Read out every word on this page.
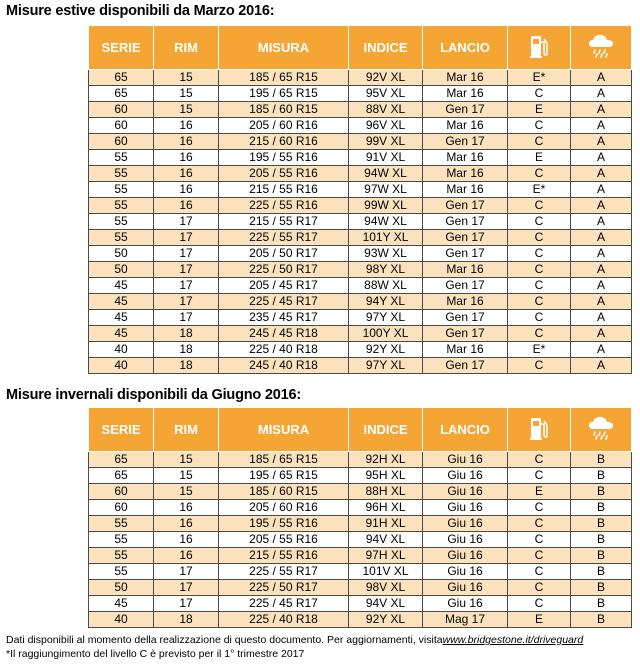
Misure estive disponibili da Marzo 2016:
SERIE	RIM	MISURA	INDICE	LANCIO		
65	15	185 / 65 R15	92V XL	Mar 16	E*	A
65	15	195 / 65 R15	95V XL	Mar 16	C	A
60	15	185 / 60 R15	88V XL	Gen 17	E	A
60	16	205 / 60 R16	96V XL	Mar 16	C	A
60	16	215 / 60 R16	99V XL	Gen 17	C	A
55	16	195 / 55 R16	91V XL	Mar 16	E	A
55	16	205 / 55 R16	94W XL	Mar 16	C	A
55	16	215 / 55 R16	97W XL	Mar 16	E*	A
55	16	225 / 55 R16	99W XL	Gen 17	C	A
55	17	215 / 55 R17	94W XL	Gen 17	C	A
55	17	225 / 55 R17	101Y XL	Gen 17	C	A
50	17	205 / 50 R17	93W XL	Gen 17	C	A
50	17	225 / 50 R17	98Y XL	Mar 16	C	A
45	17	205 / 45 R17	88W XL	Gen 17	C	A
45	17	225 / 45 R17	94Y XL	Mar 16	C	A
45	17	235 / 45 R17	97Y XL	Gen 17	C	A
45	18	245 / 45 R18	100Y XL	Gen 17	C	A
40	18	225 / 40 R18	92Y XL	Mar 16	E*	A
40	18	245 / 40 R18	97Y XL	Gen 17	C	A
Misure invernali disponibili da Giugno 2016:
SERIE	RIM	MISURA	INDICE	LANCIO		
65	15	185 / 65 R15	92H XL	Giu 16	C	B
65	15	195 / 65 R15	95H XL	Giu 16	C	B
60	15	185 / 60 R15	88H XL	Giu 16	E	B
60	16	205 / 60 R16	96H XL	Giu 16	C	B
55	16	195 / 55 R16	91H XL	Giu 16	C	B
55	16	205 / 55 R16	94V XL	Giu 16	C	B
55	16	215 / 55 R16	97H XL	Giu 16	C	B
55	17	225 / 55 R17	101V XL	Giu 16	C	B
50	17	225 / 50 R17	98V XL	Giu 16	C	B
45	17	225 / 45 R17	94V XL	Giu 16	C	B
40	18	225 / 40 R18	92Y XL	Mag 17	E	B
Dati disponibili al momento della realizzazione di questo documento. Per aggiornamenti, visitawww.bridgestone.it/driveguard
*Il raggiungimento del livello C è previsto per il 1° trimestre 2017
